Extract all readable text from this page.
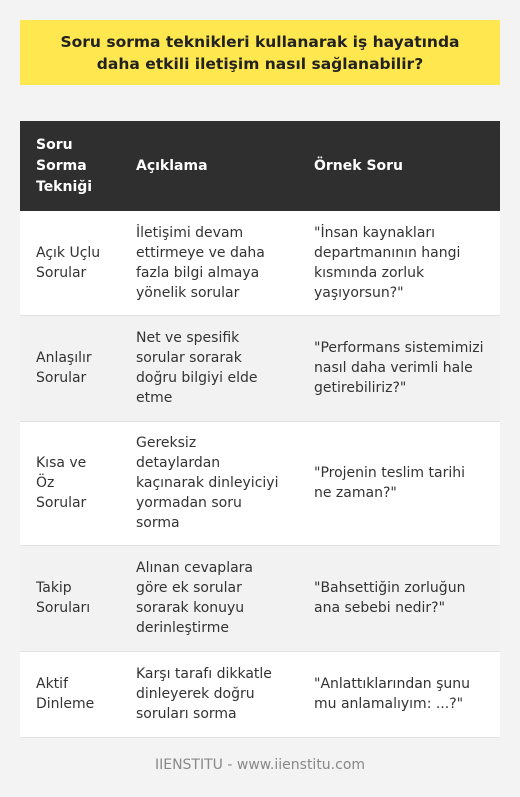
Soru sorma teknikleri kullanarak iş hayatında daha etkili iletişim nasıl sağlanabilir?
Soru Sorma Tekniği	Açıklama	Örnek Soru
Açık Uçlu Sorular	İletişimi devam ettirmeye ve daha fazla bilgi almaya yönelik sorular	"İnsan kaynakları departmanının hangi kısmında zorluk yaşıyorsun?"
Anlaşılır Sorular	Net ve spesifik sorular sorarak doğru bilgiyi elde etme	"Performans sistemimizi nasıl daha verimli hale getirebiliriz?"
Kısa ve Öz Sorular	Gereksiz detaylardan kaçınarak dinleyiciyi yormadan soru sorma	"Projenin teslim tarihi ne zaman?"
Takip Soruları	Alınan cevaplara göre ek sorular sorarak konuyu derinleştirme	"Bahsettiğin zorluğun ana sebebi nedir?"
Aktif Dinleme	Karşı tarafı dikkatle dinleyerek doğru soruları sorma	"Anlattıklarından şunu mu anlamalıyım: ...?"
IIENSTITU - www.iienstitu.com
